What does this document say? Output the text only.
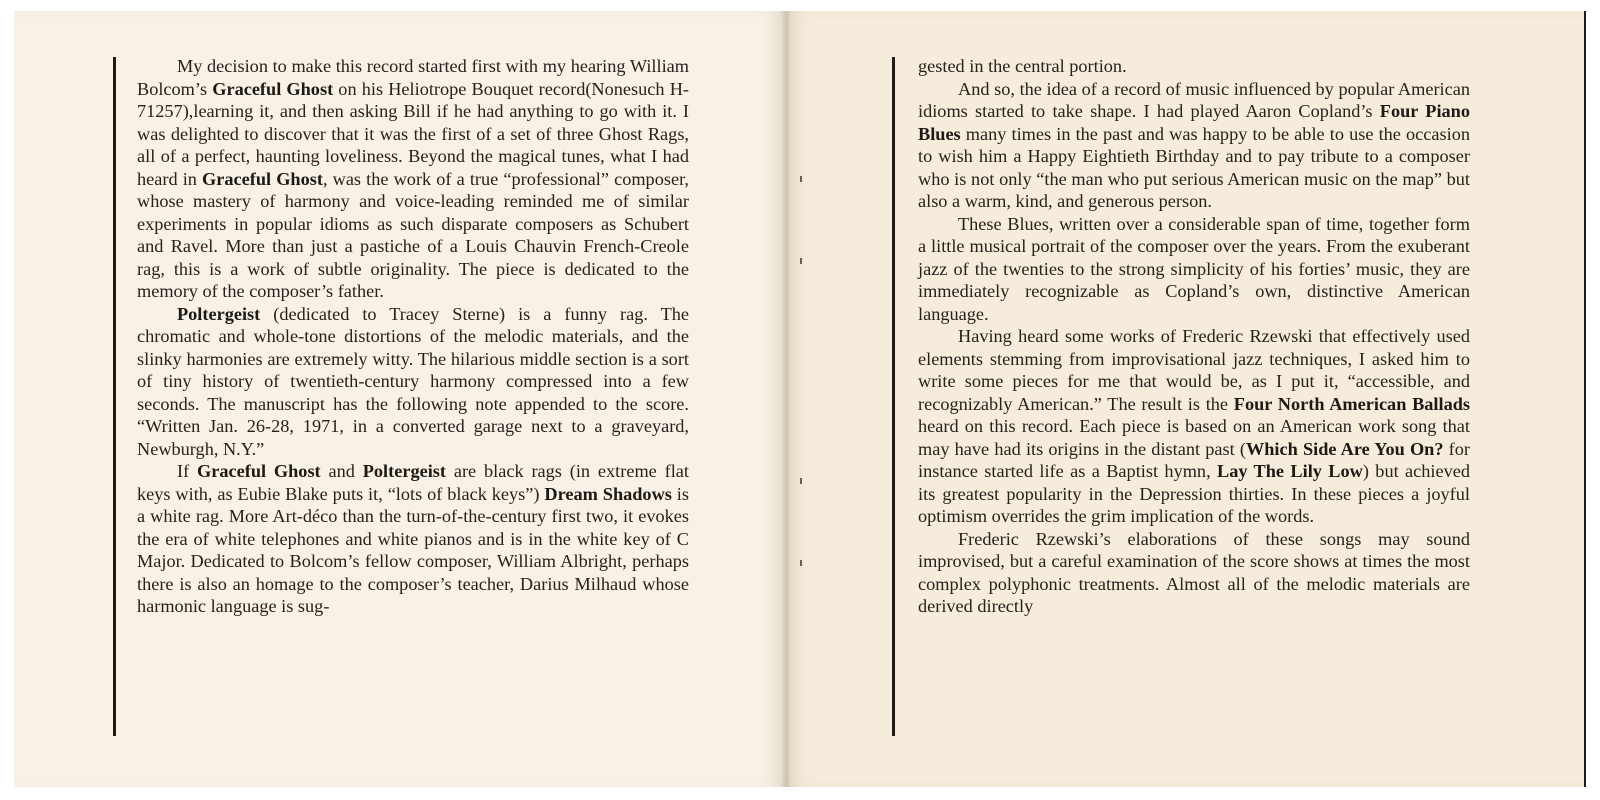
My decision to make this record started first with my hearing William Bolcom’s Graceful Ghost on his Heliotrope Bouquet record(Nonesuch H-71257),learning it, and then asking Bill if he had anything to go with it. I was delighted to discover that it was the first of a set of three Ghost Rags, all of a perfect, haunting loveliness. Beyond the magical tunes, what I had heard in Graceful Ghost, was the work of a true “professional” composer, whose mastery of harmony and voice-leading reminded me of similar experiments in popular idioms as such disparate composers as Schubert and Ravel. More than just a pastiche of a Louis Chauvin French-Creole rag, this is a work of subtle originality. The piece is dedicated to the memory of the composer’s father.

Poltergeist (dedicated to Tracey Sterne) is a funny rag. The chromatic and whole-tone distortions of the melodic materials, and the slinky harmonies are extremely witty. The hilarious middle section is a sort of tiny history of twentieth-century harmony compressed into a few seconds. The manuscript has the following note appended to the score. “Written Jan. 26-28, 1971, in a converted garage next to a graveyard, Newburgh, N.Y.”

If Graceful Ghost and Poltergeist are black rags (in extreme flat keys with, as Eubie Blake puts it, “lots of black keys”) Dream Shadows is a white rag. More Art-déco than the turn-of-the-century first two, it evokes the era of white telephones and white pianos and is in the white key of C Major. Dedicated to Bolcom’s fellow composer, William Albright, perhaps there is also an homage to the composer’s teacher, Darius Milhaud whose harmonic language is sug-

gested in the central portion.

And so, the idea of a record of music influenced by popular American idioms started to take shape. I had played Aaron Copland’s Four Piano Blues many times in the past and was happy to be able to use the occasion to wish him a Happy Eightieth Birthday and to pay tribute to a composer who is not only “the man who put serious American music on the map” but also a warm, kind, and generous person.

These Blues, written over a considerable span of time, together form a little musical portrait of the composer over the years. From the exuberant jazz of the twenties to the strong simplicity of his forties’ music, they are immediately recognizable as Copland’s own, distinctive American language.

Having heard some works of Frederic Rzewski that effectively used elements stemming from improvisational jazz techniques, I asked him to write some pieces for me that would be, as I put it, “accessible, and recognizably American.” The result is the Four North American Ballads heard on this record. Each piece is based on an American work song that may have had its origins in the distant past (Which Side Are You On? for instance started life as a Baptist hymn, Lay The Lily Low) but achieved its greatest popularity in the Depression thirties. In these pieces a joyful optimism overrides the grim implication of the words.

Frederic Rzewski’s elaborations of these songs may sound improvised, but a careful examination of the score shows at times the most complex polyphonic treatments. Almost all of the melodic materials are derived directly
